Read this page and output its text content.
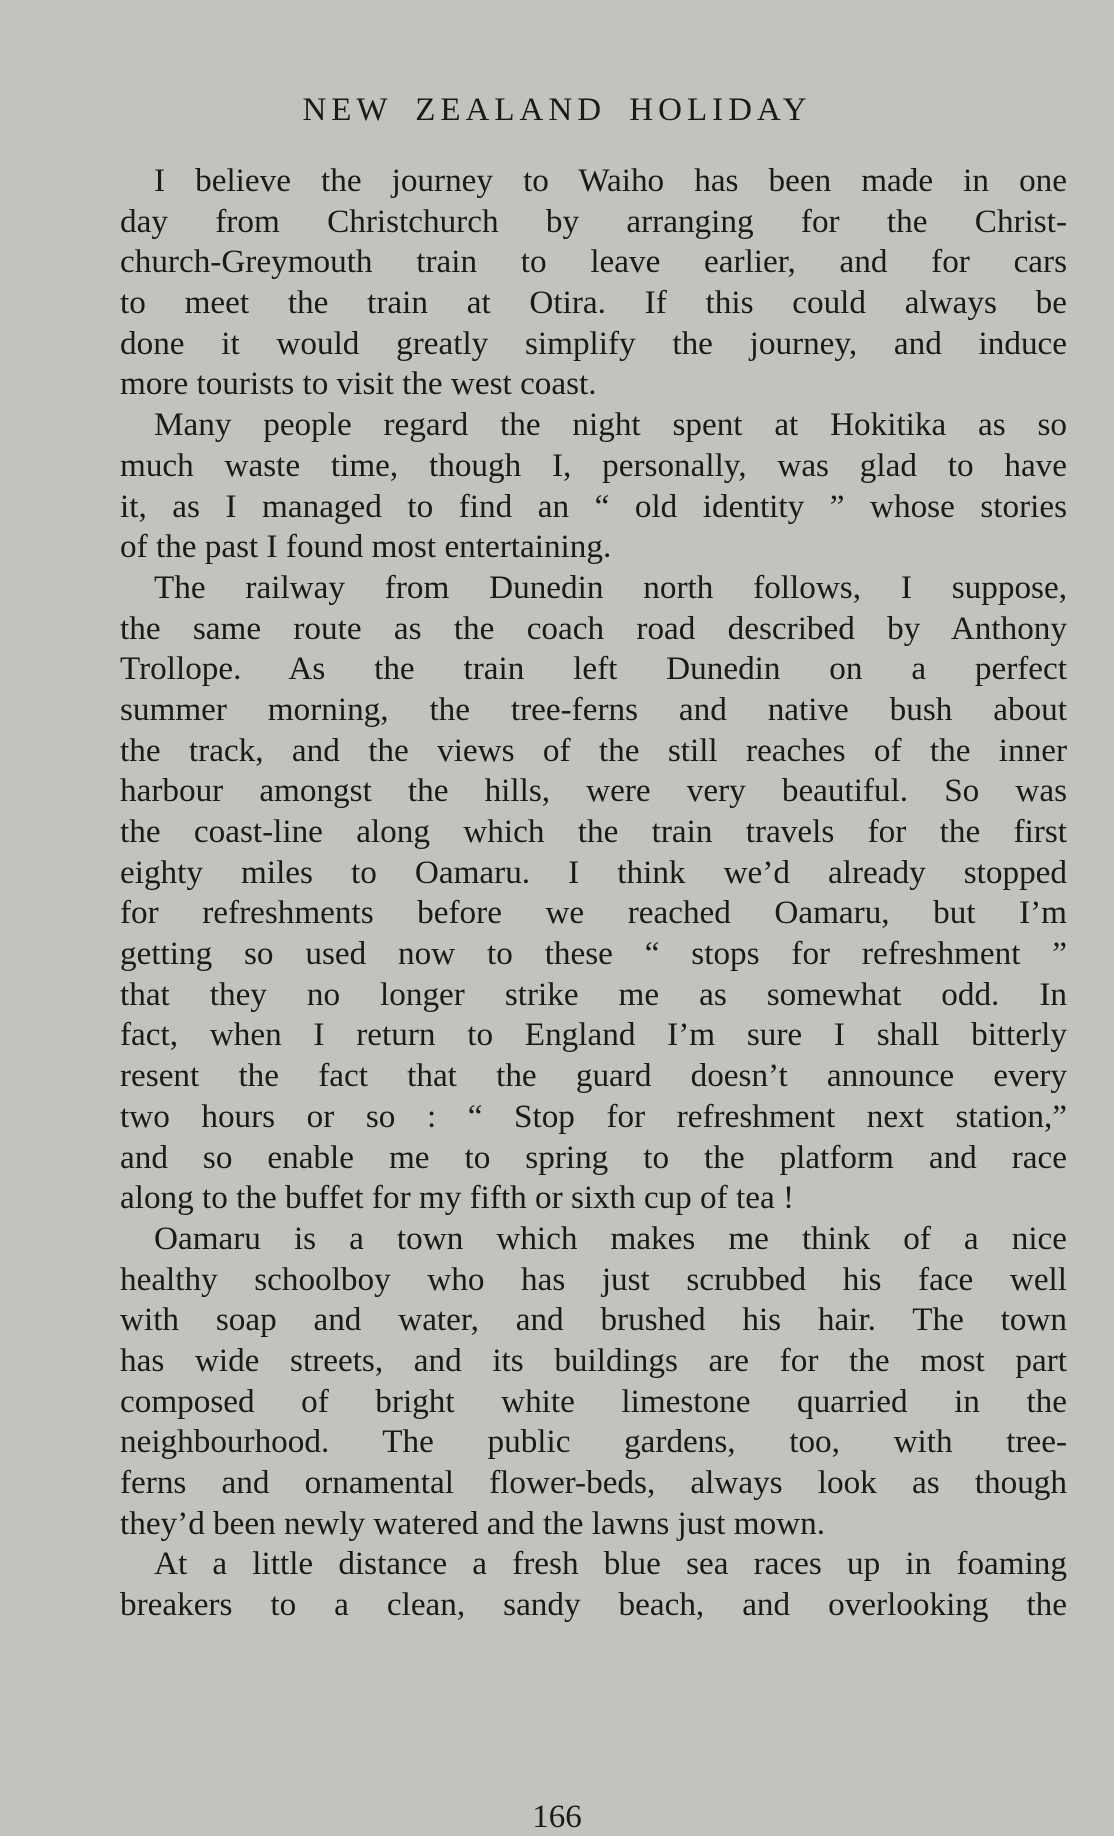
NEW ZEALAND HOLIDAY
I believe the journey to Waiho has been made in one
day from Christchurch by arranging for the Christ-
church-Greymouth train to leave earlier, and for cars
to meet the train at Otira. If this could always be
done it would greatly simplify the journey, and induce
more tourists to visit the west coast.
Many people regard the night spent at Hokitika as so
much waste time, though I, personally, was glad to have
it, as I managed to find an “ old identity ” whose stories
of the past I found most entertaining.
The railway from Dunedin north follows, I suppose,
the same route as the coach road described by Anthony
Trollope. As the train left Dunedin on a perfect
summer morning, the tree-ferns and native bush about
the track, and the views of the still reaches of the inner
harbour amongst the hills, were very beautiful. So was
the coast-line along which the train travels for the first
eighty miles to Oamaru. I think we’d already stopped
for refreshments before we reached Oamaru, but I’m
getting so used now to these “ stops for refreshment ”
that they no longer strike me as somewhat odd. In
fact, when I return to England I’m sure I shall bitterly
resent the fact that the guard doesn’t announce every
two hours or so : “ Stop for refreshment next station,”
and so enable me to spring to the platform and race
along to the buffet for my fifth or sixth cup of tea !
Oamaru is a town which makes me think of a nice
healthy schoolboy who has just scrubbed his face well
with soap and water, and brushed his hair. The town
has wide streets, and its buildings are for the most part
composed of bright white limestone quarried in the
neighbourhood. The public gardens, too, with tree-
ferns and ornamental flower-beds, always look as though
they’d been newly watered and the lawns just mown.
At a little distance a fresh blue sea races up in foaming
breakers to a clean, sandy beach, and overlooking the
166
